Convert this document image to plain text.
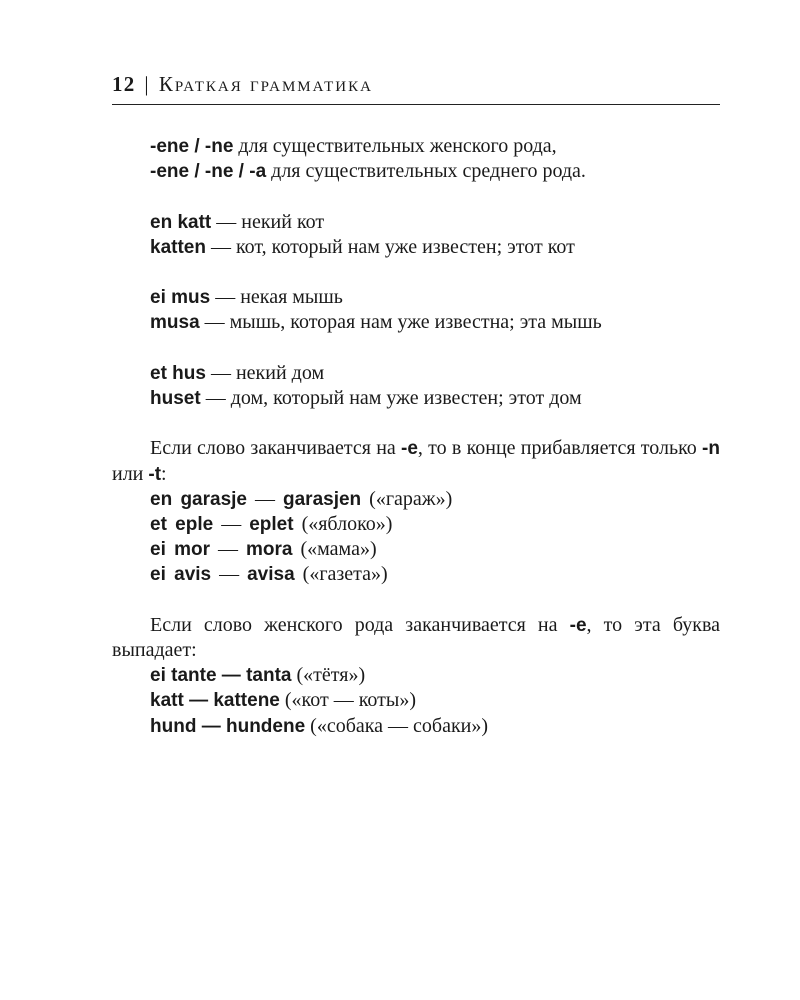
12 | Краткая грамматика

-ene / -ne для существительных женского рода,

-ene / -ne / -a для существительных среднего рода.

en katt — некий кот

katten — кот, который нам уже известен; этот кот

ei mus — некая мышь

musa — мышь, которая нам уже известна; эта мышь

et hus — некий дом

huset — дом, который нам уже известен; этот дом

Если слово заканчивается на -e, то в конце прибавляется только -n или -t:

en garasje — garasjen («гараж»)

et eple — eplet («яблоко»)

ei mor — mora («мама»)

ei avis — avisa («газета»)

Если слово женского рода заканчивается на -e, то эта буква выпадает:

ei tante — tanta («тётя»)

katt — kattene («кот — коты»)

hund — hundene («собака — собаки»)
